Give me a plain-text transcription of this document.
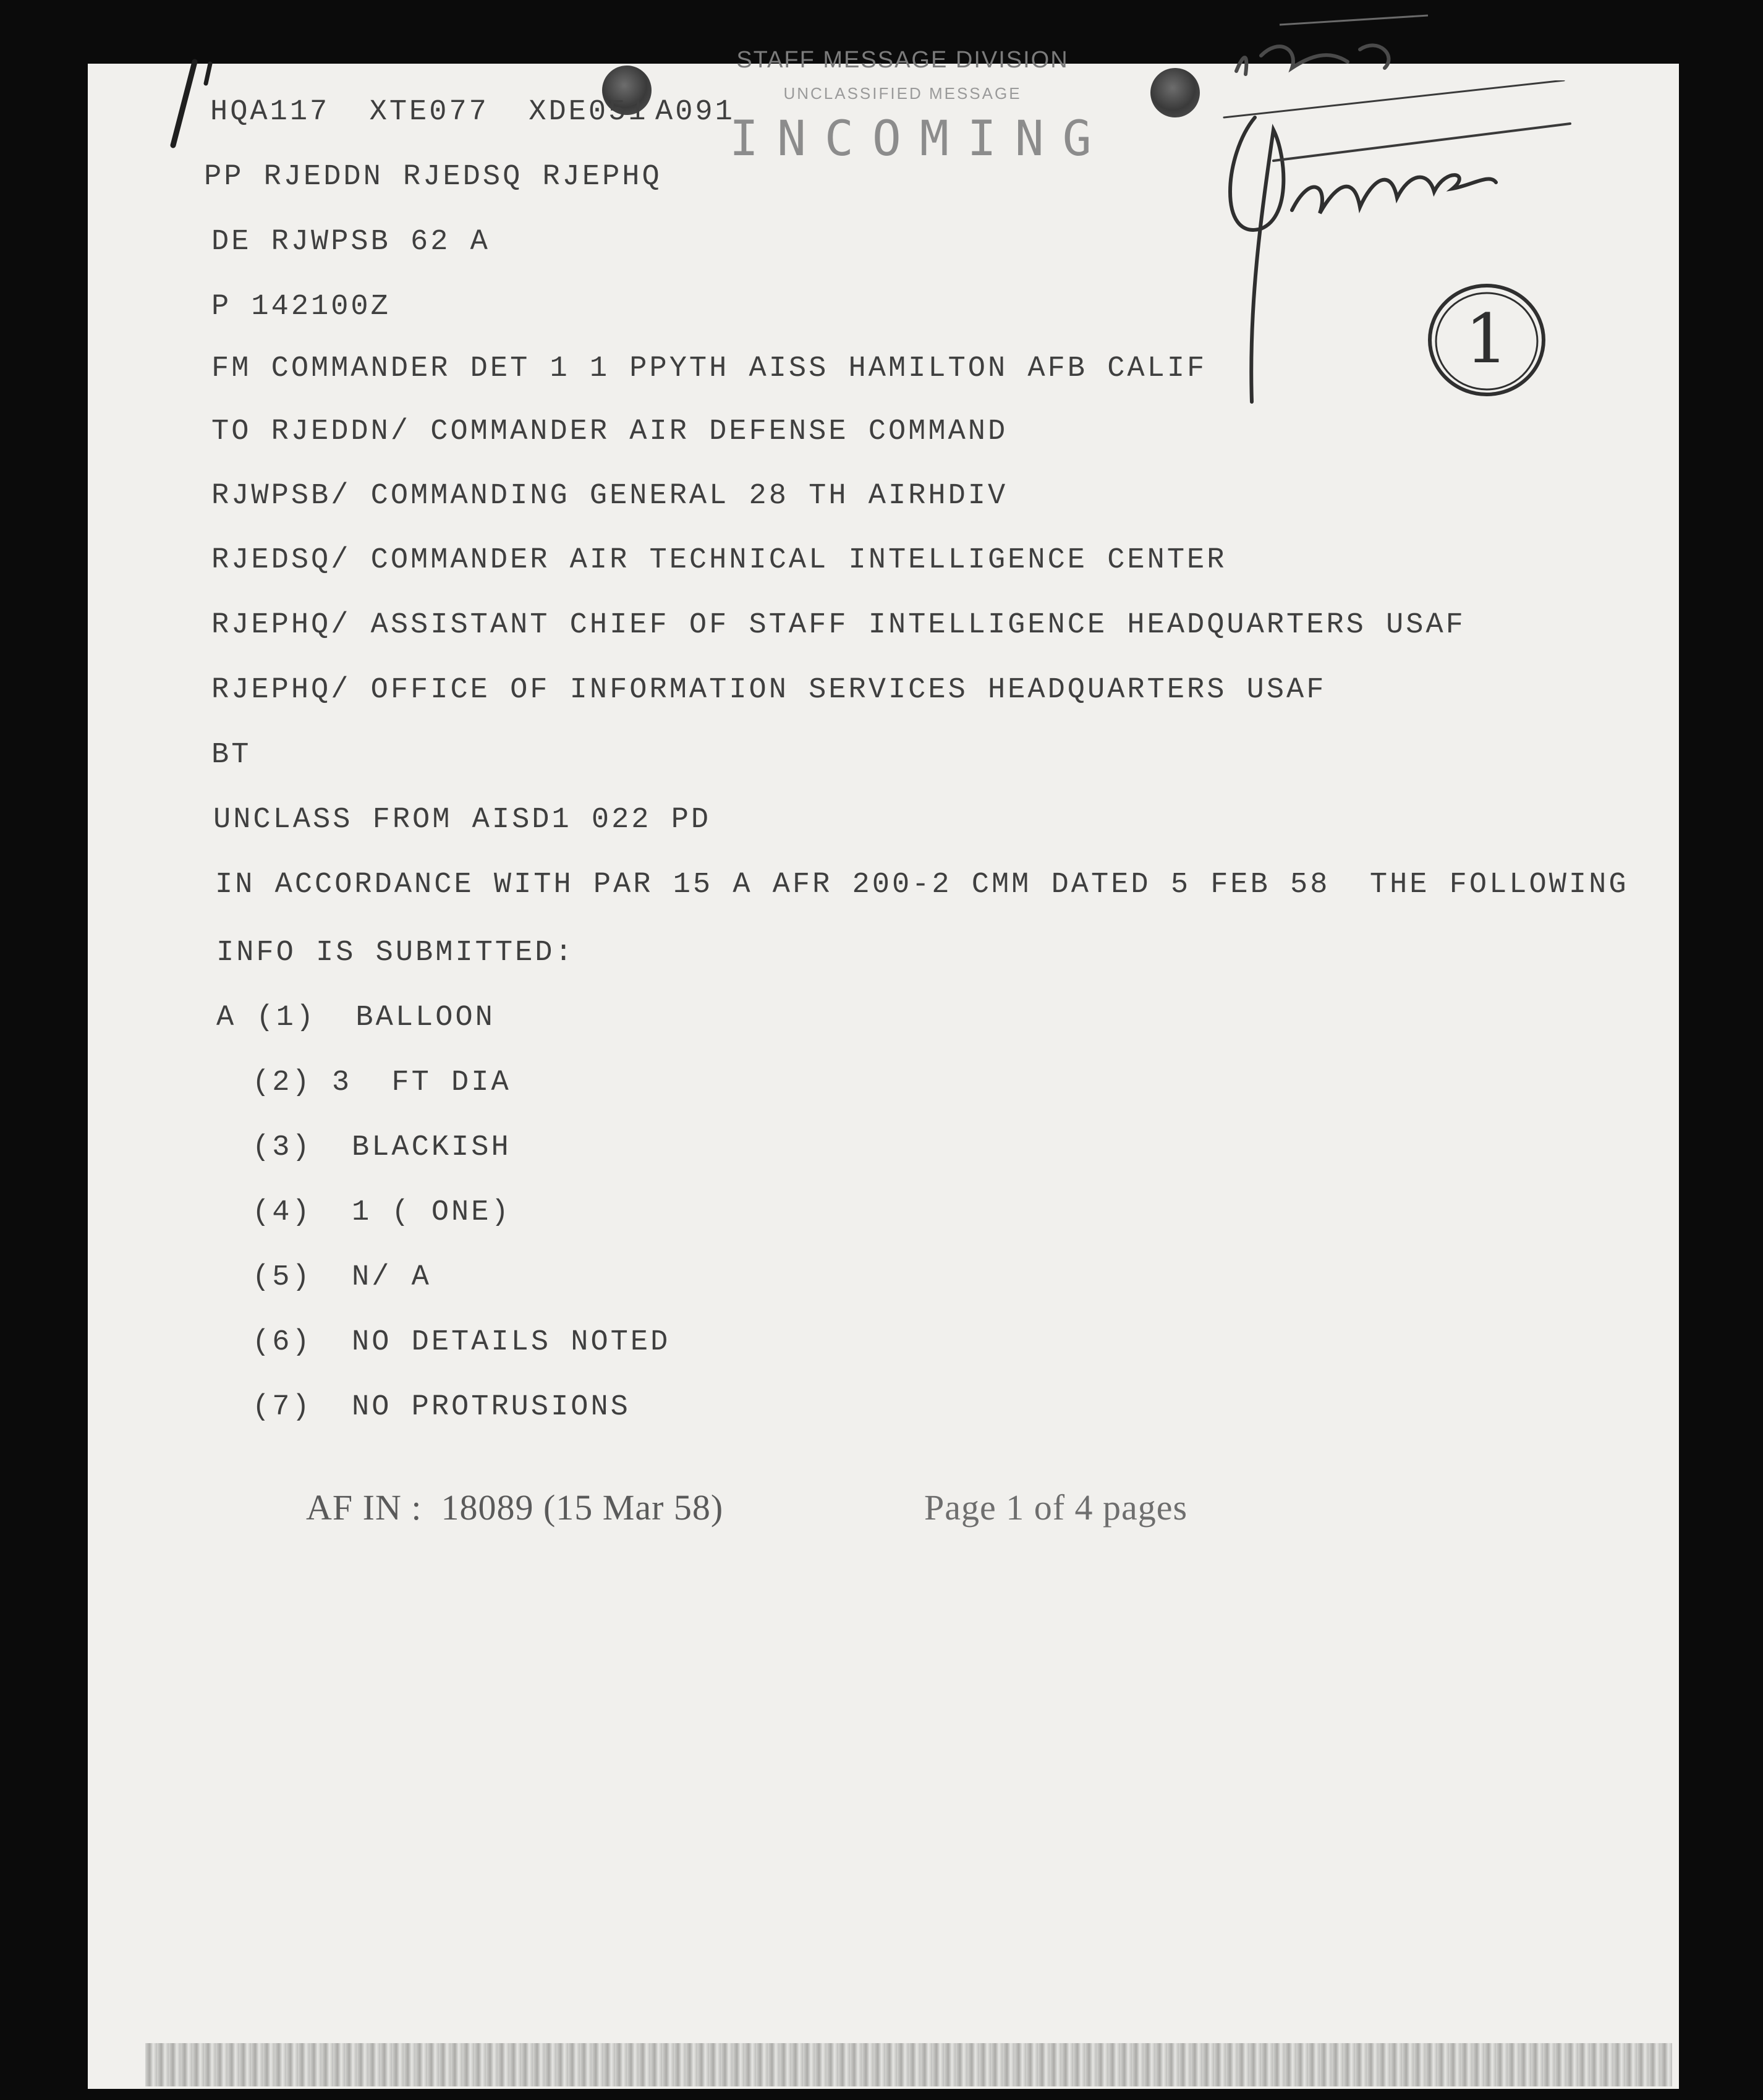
STAFF MESSAGE DIVISION
UNCLASSIFIED MESSAGE
INCOMING
HQA117  XTE077  XDE051 A091
PP RJEDDN RJEDSQ RJEPHQ
DE RJWPSB 62 A
P 142100Z
FM COMMANDER DET 1 1 PPYTH AISS HAMILTON AFB CALIF
TO RJEDDN/ COMMANDER AIR DEFENSE COMMAND
RJWPSB/ COMMANDING GENERAL 28 TH AIRHDIV
RJEDSQ/ COMMANDER AIR TECHNICAL INTELLIGENCE CENTER
RJEPHQ/ ASSISTANT CHIEF OF STAFF INTELLIGENCE HEADQUARTERS USAF
RJEPHQ/ OFFICE OF INFORMATION SERVICES HEADQUARTERS USAF
BT
UNCLASS FROM AISD1 022 PD
IN ACCORDANCE WITH PAR 15 A AFR 200-2 CMM DATED 5 FEB 58  THE FOLLOWING
INFO IS SUBMITTED:
A (1)  BALLOON
(2) 3  FT DIA
(3)  BLACKISH
(4)  1 ( ONE)
(5)  N/ A
(6)  NO DETAILS NOTED
(7)  NO PROTRUSIONS
AF IN :  18089 (15 Mar 58)	Page 1 of 4 pages
1
